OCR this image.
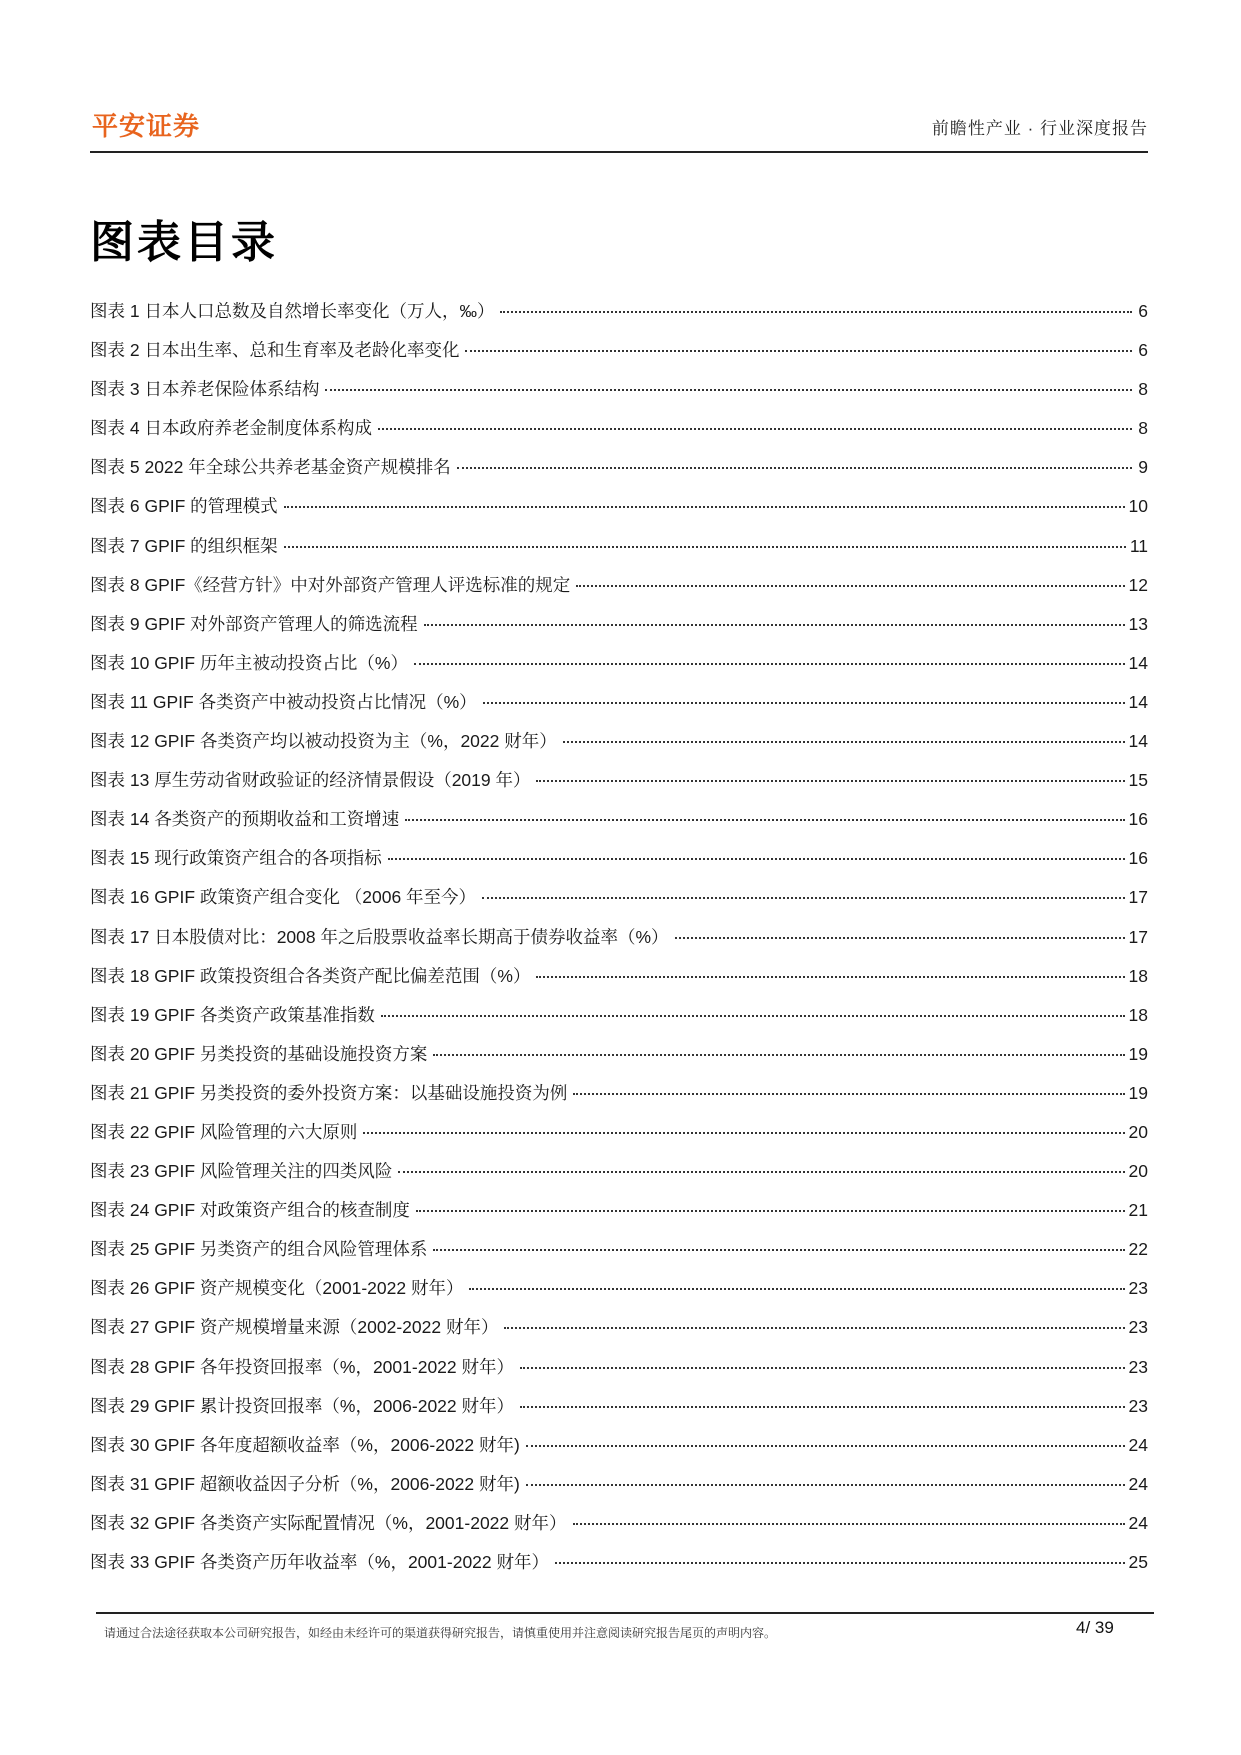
平安证券	前瞻性产业 · 行业深度报告
图表目录
图表 1 日本人口总数及自然增长率变化（万人，‰）	6
图表 2 日本出生率、总和生育率及老龄化率变化	6
图表 3 日本养老保险体系结构	8
图表 4 日本政府养老金制度体系构成	8
图表 5 2022 年全球公共养老基金资产规模排名	9
图表 6 GPIF 的管理模式	10
图表 7 GPIF 的组织框架	11
图表 8 GPIF《经营方针》中对外部资产管理人评选标准的规定	12
图表 9 GPIF 对外部资产管理人的筛选流程	13
图表 10 GPIF 历年主被动投资占比（%）	14
图表 11 GPIF 各类资产中被动投资占比情况（%）	14
图表 12 GPIF 各类资产均以被动投资为主（%，2022 财年）	14
图表 13 厚生劳动省财政验证的经济情景假设（2019 年）	15
图表 14 各类资产的预期收益和工资增速	16
图表 15 现行政策资产组合的各项指标	16
图表 16 GPIF 政策资产组合变化 （2006 年至今）	17
图表 17 日本股债对比：2008 年之后股票收益率长期高于债券收益率（%）	17
图表 18 GPIF 政策投资组合各类资产配比偏差范围（%）	18
图表 19 GPIF 各类资产政策基准指数	18
图表 20 GPIF 另类投资的基础设施投资方案	19
图表 21 GPIF 另类投资的委外投资方案：以基础设施投资为例	19
图表 22 GPIF 风险管理的六大原则	20
图表 23 GPIF 风险管理关注的四类风险	20
图表 24 GPIF 对政策资产组合的核查制度	21
图表 25 GPIF 另类资产的组合风险管理体系	22
图表 26 GPIF 资产规模变化（2001-2022 财年）	23
图表 27 GPIF 资产规模增量来源（2002-2022 财年）	23
图表 28 GPIF 各年投资回报率（%，2001-2022 财年）	23
图表 29 GPIF 累计投资回报率（%，2006-2022 财年）	23
图表 30 GPIF 各年度超额收益率（%，2006-2022 财年)	24
图表 31 GPIF 超额收益因子分析（%，2006-2022 财年)	24
图表 32 GPIF 各类资产实际配置情况（%，2001-2022 财年）	24
图表 33 GPIF 各类资产历年收益率（%，2001-2022 财年）	25
请通过合法途径获取本公司研究报告，如经由未经许可的渠道获得研究报告，请慎重使用并注意阅读研究报告尾页的声明内容。	4/ 39
